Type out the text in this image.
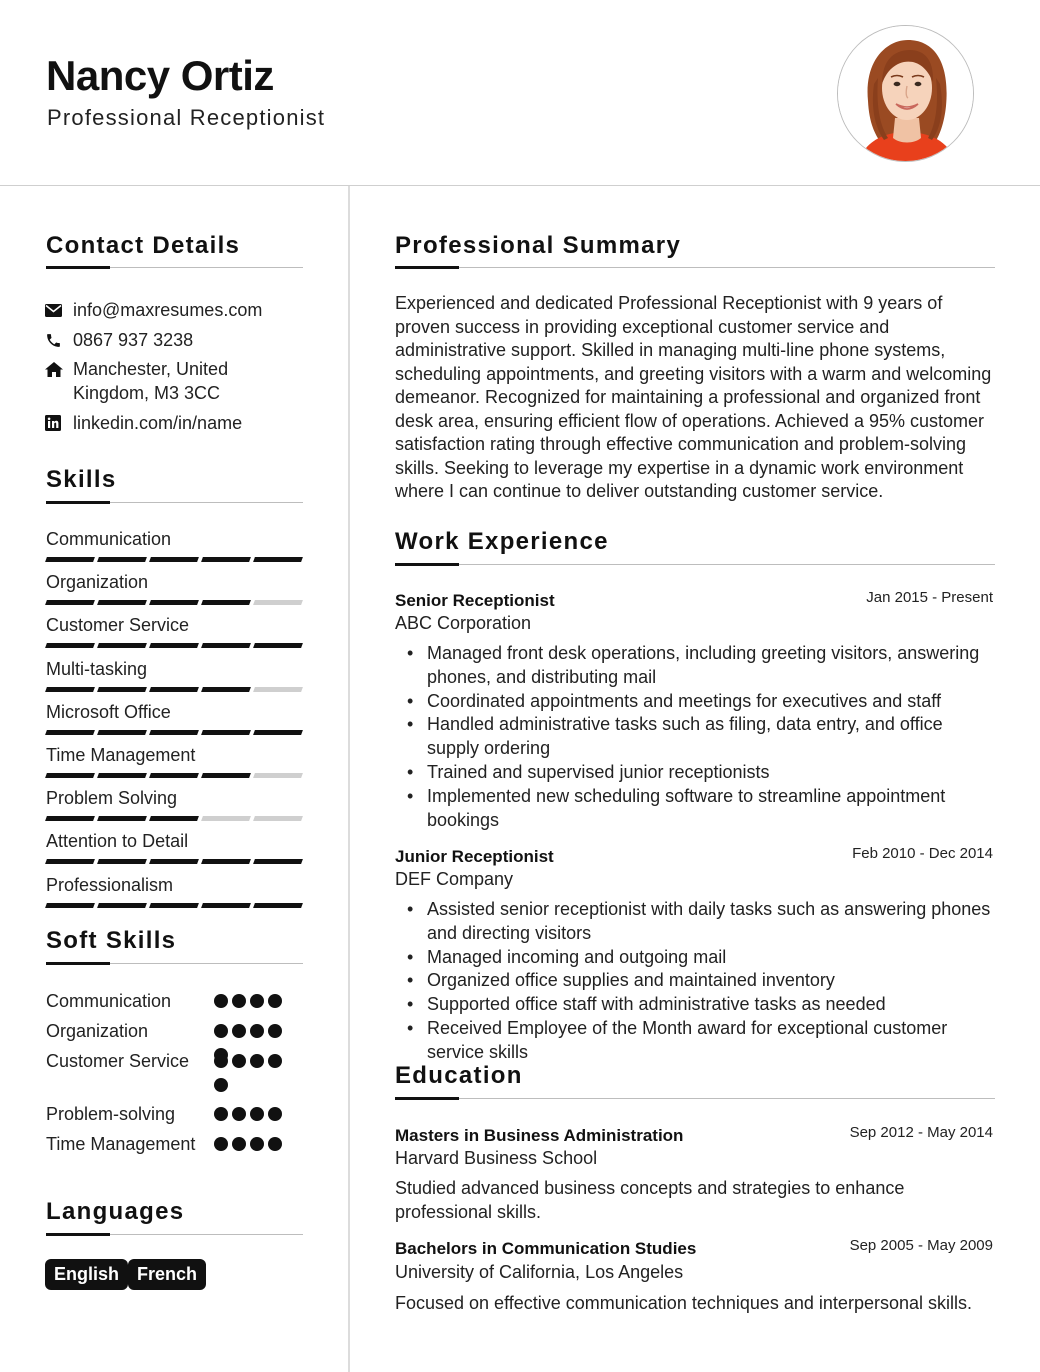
Nancy Ortiz
Professional Receptionist
Contact Details
info@maxresumes.com
0867 937 3238
Manchester, United Kingdom, M3 3CC
linkedin.com/in/name
Skills
Communication
Organization
Customer Service
Multi-tasking
Microsoft Office
Time Management
Problem Solving
Attention to Detail
Professionalism
Soft Skills
Communication
Organization
Customer Service
Problem-solving
Time Management
Languages
English French
Professional Summary
Experienced and dedicated Professional Receptionist with 9 years of proven success in providing exceptional customer service and administrative support. Skilled in managing multi-line phone systems, scheduling appointments, and greeting visitors with a warm and welcoming demeanor. Recognized for maintaining a professional and organized front desk area, ensuring efficient flow of operations. Achieved a 95% customer satisfaction rating through effective communication and problem-solving skills. Seeking to leverage my expertise in a dynamic work environment where I can continue to deliver outstanding customer service.
Work Experience
Senior Receptionist	Jan 2015 - Present
ABC Corporation
• Managed front desk operations, including greeting visitors, answering phones, and distributing mail
• Coordinated appointments and meetings for executives and staff
• Handled administrative tasks such as filing, data entry, and office supply ordering
• Trained and supervised junior receptionists
• Implemented new scheduling software to streamline appointment bookings
Junior Receptionist	Feb 2010 - Dec 2014
DEF Company
• Assisted senior receptionist with daily tasks such as answering phones and directing visitors
• Managed incoming and outgoing mail
• Organized office supplies and maintained inventory
• Supported office staff with administrative tasks as needed
• Received Employee of the Month award for exceptional customer service skills
Education
Masters in Business Administration	Sep 2012 - May 2014
Harvard Business School
Studied advanced business concepts and strategies to enhance professional skills.
Bachelors in Communication Studies	Sep 2005 - May 2009
University of California, Los Angeles
Focused on effective communication techniques and interpersonal skills.
